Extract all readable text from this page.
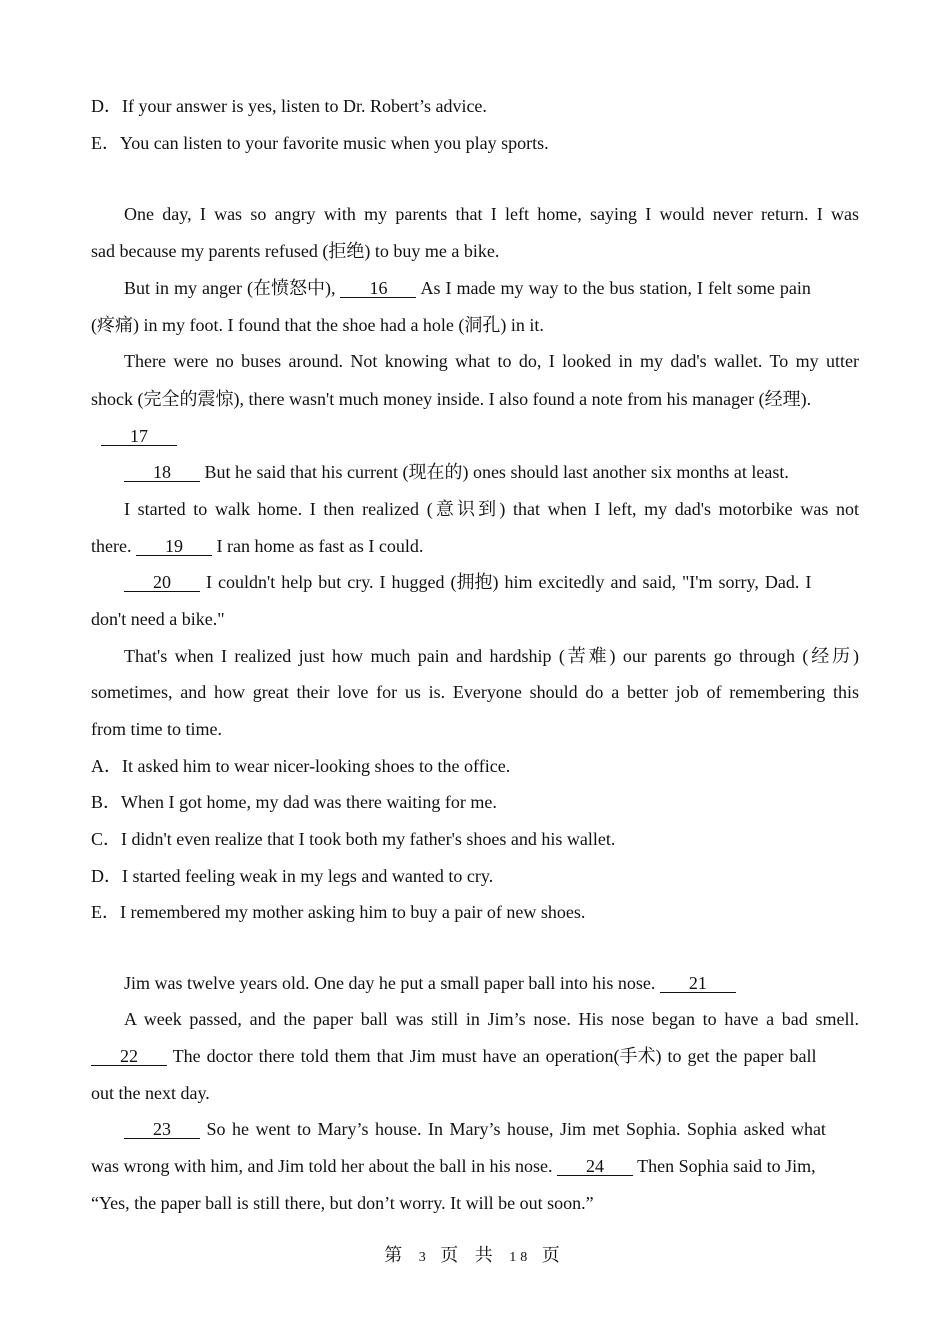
D．If your answer is yes, listen to Dr. Robert’s advice.
E．You can listen to your favorite music when you play sports.
One day, I was so angry with my parents that I left home, saying I would never return. I was
sad because my parents refused (拒绝) to buy me a bike.
But in my anger (在愤怒中), 16 As I made my way to the bus station, I felt some pain
(疼痛) in my foot. I found that the shoe had a hole (洞孔) in it.
There were no buses around. Not knowing what to do, I looked in my dad's wallet. To my utter
shock (完全的震惊), there wasn't much money inside. I also found a note from his manager (经理).
17
18 But he said that his current (现在的) ones should last another six months at least.
I started to walk home. I then realized (意识到) that when I left, my dad's motorbike was not
there. 19 I ran home as fast as I could.
20 I couldn't help but cry. I hugged (拥抱) him excitedly and said, "I'm sorry, Dad. I
don't need a bike."
That's when I realized just how much pain and hardship (苦难) our parents go through (经历)
sometimes, and how great their love for us is. Everyone should do a better job of remembering this
from time to time.
A．It asked him to wear nicer-looking shoes to the office.
B．When I got home, my dad was there waiting for me.
C．I didn't even realize that I took both my father's shoes and his wallet.
D．I started feeling weak in my legs and wanted to cry.
E．I remembered my mother asking him to buy a pair of new shoes.
Jim was twelve years old. One day he put a small paper ball into his nose. 21
A week passed, and the paper ball was still in Jim’s nose. His nose began to have a bad smell.
22 The doctor there told them that Jim must have an operation(手术) to get the paper ball
out the next day.
23 So he went to Mary’s house. In Mary’s house, Jim met Sophia. Sophia asked what
was wrong with him, and Jim told her about the ball in his nose. 24 Then Sophia said to Jim,
“Yes, the paper ball is still there, but don’t worry. It will be out soon.”
第 3 页 共 18 页
